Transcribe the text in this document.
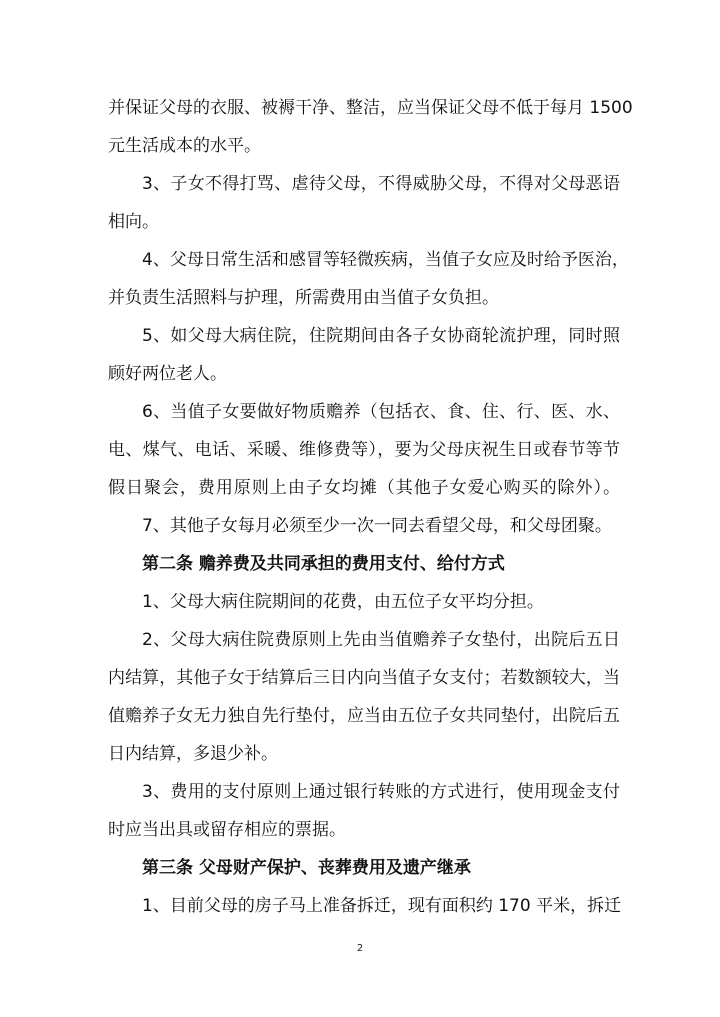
并保证父母的衣服、被褥干净、整洁，应当保证父母不低于每月 1500
元生活成本的水平。
3、子女不得打骂、虐待父母，不得威胁父母，不得对父母恶语
相向。
4、父母日常生活和感冒等轻微疾病，当值子女应及时给予医治，
并负责生活照料与护理，所需费用由当值子女负担。
5、如父母大病住院，住院期间由各子女协商轮流护理，同时照
顾好两位老人。
6、当值子女要做好物质赡养（包括衣、食、住、行、医、水、
电、煤气、电话、采暖、维修费等），要为父母庆祝生日或春节等节
假日聚会，费用原则上由子女均摊（其他子女爱心购买的除外）。
7、其他子女每月必须至少一次一同去看望父母，和父母团聚。
第二条 赡养费及共同承担的费用支付、给付方式
1、父母大病住院期间的花费，由五位子女平均分担。
2、父母大病住院费原则上先由当值赡养子女垫付，出院后五日
内结算，其他子女于结算后三日内向当值子女支付；若数额较大，当
值赡养子女无力独自先行垫付，应当由五位子女共同垫付，出院后五
日内结算，多退少补。
3、费用的支付原则上通过银行转账的方式进行，使用现金支付
时应当出具或留存相应的票据。
第三条 父母财产保护、丧葬费用及遗产继承
1、目前父母的房子马上准备拆迁，现有面积约 170 平米，拆迁
2
